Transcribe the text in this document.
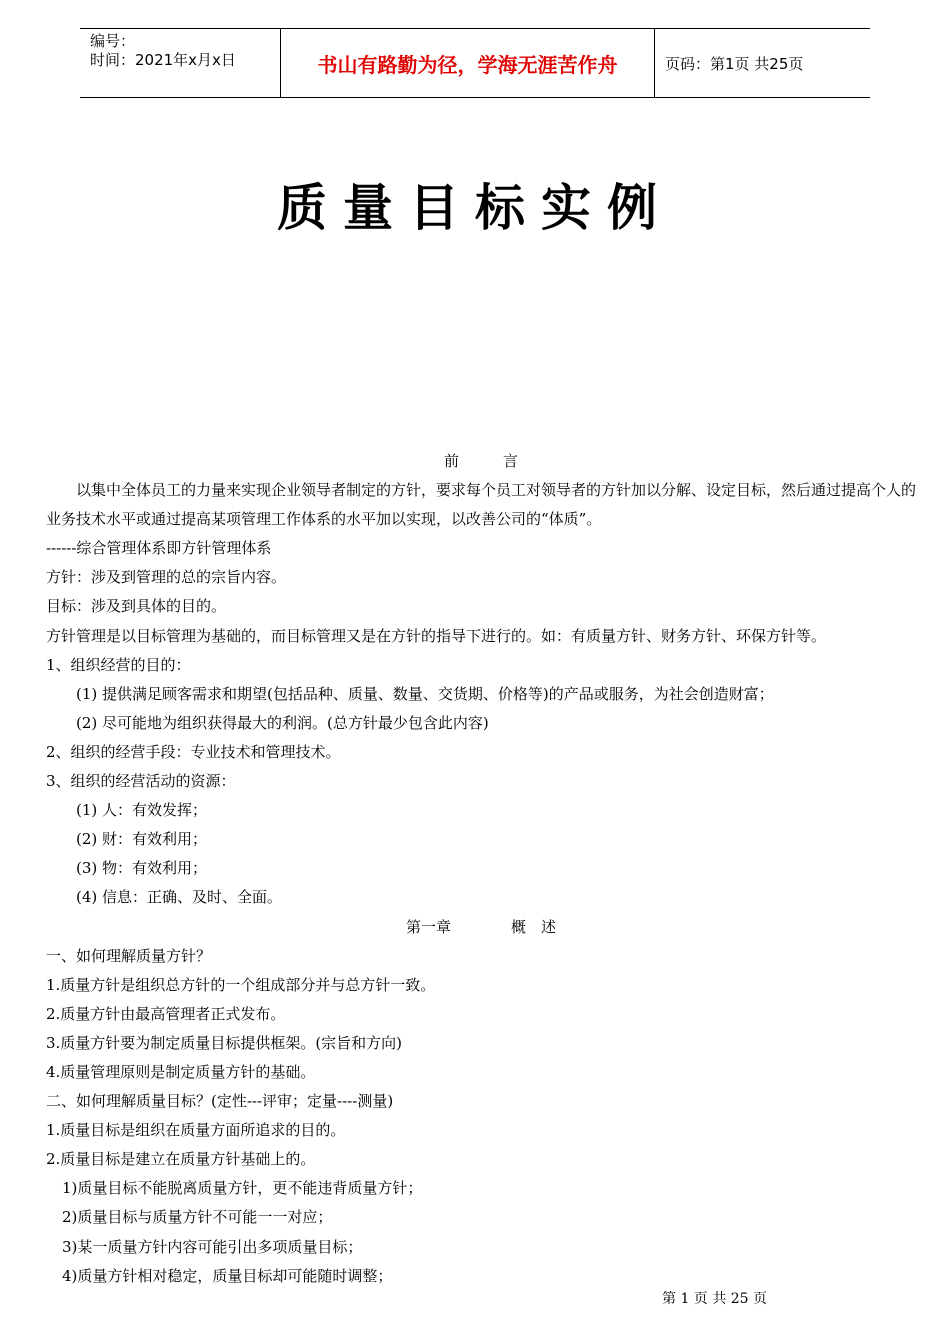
编号：
时间：2021年x月x日	书山有路勤为径，学海无涯苦作舟	页码：第1页 共25页
质量目标实例
前	言
以集中全体员工的力量来实现企业领导者制定的方针，要求每个员工对领导者的方针加以分解、设定目标，然后通过提高个人的业务技术水平或通过提高某项管理工作体系的水平加以实现，以改善公司的“体质”。
------综合管理体系即方针管理体系
方针：涉及到管理的总的宗旨内容。
目标：涉及到具体的目的。
方针管理是以目标管理为基础的，而目标管理又是在方针的指导下进行的。如：有质量方针、财务方针、环保方针等。
1、组织经营的目的：
(1) 提供满足顾客需求和期望(包括品种、质量、数量、交货期、价格等)的产品或服务，为社会创造财富；
(2) 尽可能地为组织获得最大的利润。(总方针最少包含此内容)
2、组织的经营手段：专业技术和管理技术。
3、组织的经营活动的资源：
(1) 人：有效发挥；
(2) 财：有效利用；
(3) 物：有效利用；
(4) 信息：正确、及时、全面。
第一章	概　述
一、如何理解质量方针？
1.质量方针是组织总方针的一个组成部分并与总方针一致。
2.质量方针由最高管理者正式发布。
3.质量方针要为制定质量目标提供框架。(宗旨和方向)
4.质量管理原则是制定质量方针的基础。
二、如何理解质量目标？(定性---评审；定量----测量)
1.质量目标是组织在质量方面所追求的目的。
2.质量目标是建立在质量方针基础上的。
1)质量目标不能脱离质量方针，更不能违背质量方针；
2)质量目标与质量方针不可能一一对应；
3)某一质量方针内容可能引出多项质量目标；
4)质量方针相对稳定，质量目标却可能随时调整；
第 1 页 共 25 页
